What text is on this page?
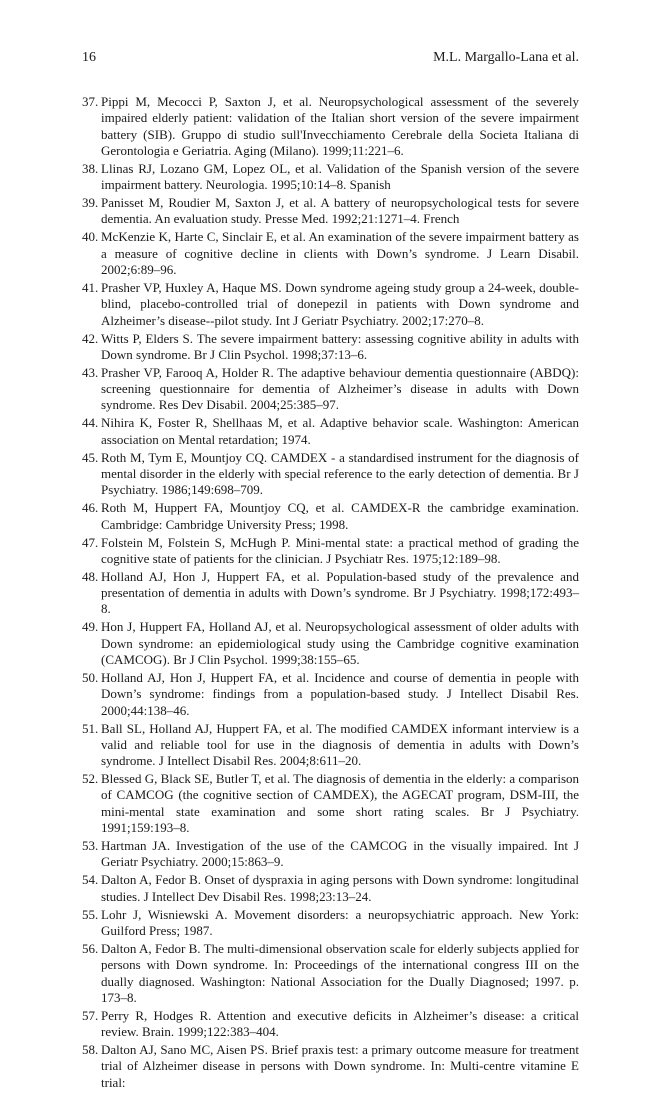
16	M.L. Margallo-Lana et al.
37. Pippi M, Mecocci P, Saxton J, et al. Neuropsychological assessment of the severely impaired elderly patient: validation of the Italian short version of the severe impairment battery (SIB). Gruppo di studio sull'Invecchiamento Cerebrale della Societa Italiana di Gerontologia e Geriatria. Aging (Milano). 1999;11:221–6.
38. Llinas RJ, Lozano GM, Lopez OL, et al. Validation of the Spanish version of the severe impairment battery. Neurologia. 1995;10:14–8. Spanish
39. Panisset M, Roudier M, Saxton J, et al. A battery of neuropsychological tests for severe dementia. An evaluation study. Presse Med. 1992;21:1271–4. French
40. McKenzie K, Harte C, Sinclair E, et al. An examination of the severe impairment battery as a measure of cognitive decline in clients with Down’s syndrome. J Learn Disabil. 2002;6:89–96.
41. Prasher VP, Huxley A, Haque MS. Down syndrome ageing study group a 24-week, double-blind, placebo-controlled trial of donepezil in patients with Down syndrome and Alzheimer’s disease--pilot study. Int J Geriatr Psychiatry. 2002;17:270–8.
42. Witts P, Elders S. The severe impairment battery: assessing cognitive ability in adults with Down syndrome. Br J Clin Psychol. 1998;37:13–6.
43. Prasher VP, Farooq A, Holder R. The adaptive behaviour dementia questionnaire (ABDQ): screening questionnaire for dementia of Alzheimer’s disease in adults with Down syndrome. Res Dev Disabil. 2004;25:385–97.
44. Nihira K, Foster R, Shellhaas M, et al. Adaptive behavior scale. Washington: American association on Mental retardation; 1974.
45. Roth M, Tym E, Mountjoy CQ. CAMDEX - a standardised instrument for the diagnosis of mental disorder in the elderly with special reference to the early detection of dementia. Br J Psychiatry. 1986;149:698–709.
46. Roth M, Huppert FA, Mountjoy CQ, et al. CAMDEX-R the cambridge examination. Cambridge: Cambridge University Press; 1998.
47. Folstein M, Folstein S, McHugh P. Mini-mental state: a practical method of grading the cognitive state of patients for the clinician. J Psychiatr Res. 1975;12:189–98.
48. Holland AJ, Hon J, Huppert FA, et al. Population-based study of the prevalence and presentation of dementia in adults with Down’s syndrome. Br J Psychiatry. 1998;172:493–8.
49. Hon J, Huppert FA, Holland AJ, et al. Neuropsychological assessment of older adults with Down syndrome: an epidemiological study using the Cambridge cognitive examination (CAMCOG). Br J Clin Psychol. 1999;38:155–65.
50. Holland AJ, Hon J, Huppert FA, et al. Incidence and course of dementia in people with Down’s syndrome: findings from a population-based study. J Intellect Disabil Res. 2000;44:138–46.
51. Ball SL, Holland AJ, Huppert FA, et al. The modified CAMDEX informant interview is a valid and reliable tool for use in the diagnosis of dementia in adults with Down’s syndrome. J Intellect Disabil Res. 2004;8:611–20.
52. Blessed G, Black SE, Butler T, et al. The diagnosis of dementia in the elderly: a comparison of CAMCOG (the cognitive section of CAMDEX), the AGECAT program, DSM-III, the mini-mental state examination and some short rating scales. Br J Psychiatry. 1991;159:193–8.
53. Hartman JA. Investigation of the use of the CAMCOG in the visually impaired. Int J Geriatr Psychiatry. 2000;15:863–9.
54. Dalton A, Fedor B. Onset of dyspraxia in aging persons with Down syndrome: longitudinal studies. J Intellect Dev Disabil Res. 1998;23:13–24.
55. Lohr J, Wisniewski A. Movement disorders: a neuropsychiatric approach. New York: Guilford Press; 1987.
56. Dalton A, Fedor B. The multi-dimensional observation scale for elderly subjects applied for persons with Down syndrome. In: Proceedings of the international congress III on the dually diagnosed. Washington: National Association for the Dually Diagnosed; 1997. p. 173–8.
57. Perry R, Hodges R. Attention and executive deficits in Alzheimer’s disease: a critical review. Brain. 1999;122:383–404.
58. Dalton AJ, Sano MC, Aisen PS. Brief praxis test: a primary outcome measure for treatment trial of Alzheimer disease in persons with Down syndrome. In: Multi-centre vitamine E trial:
